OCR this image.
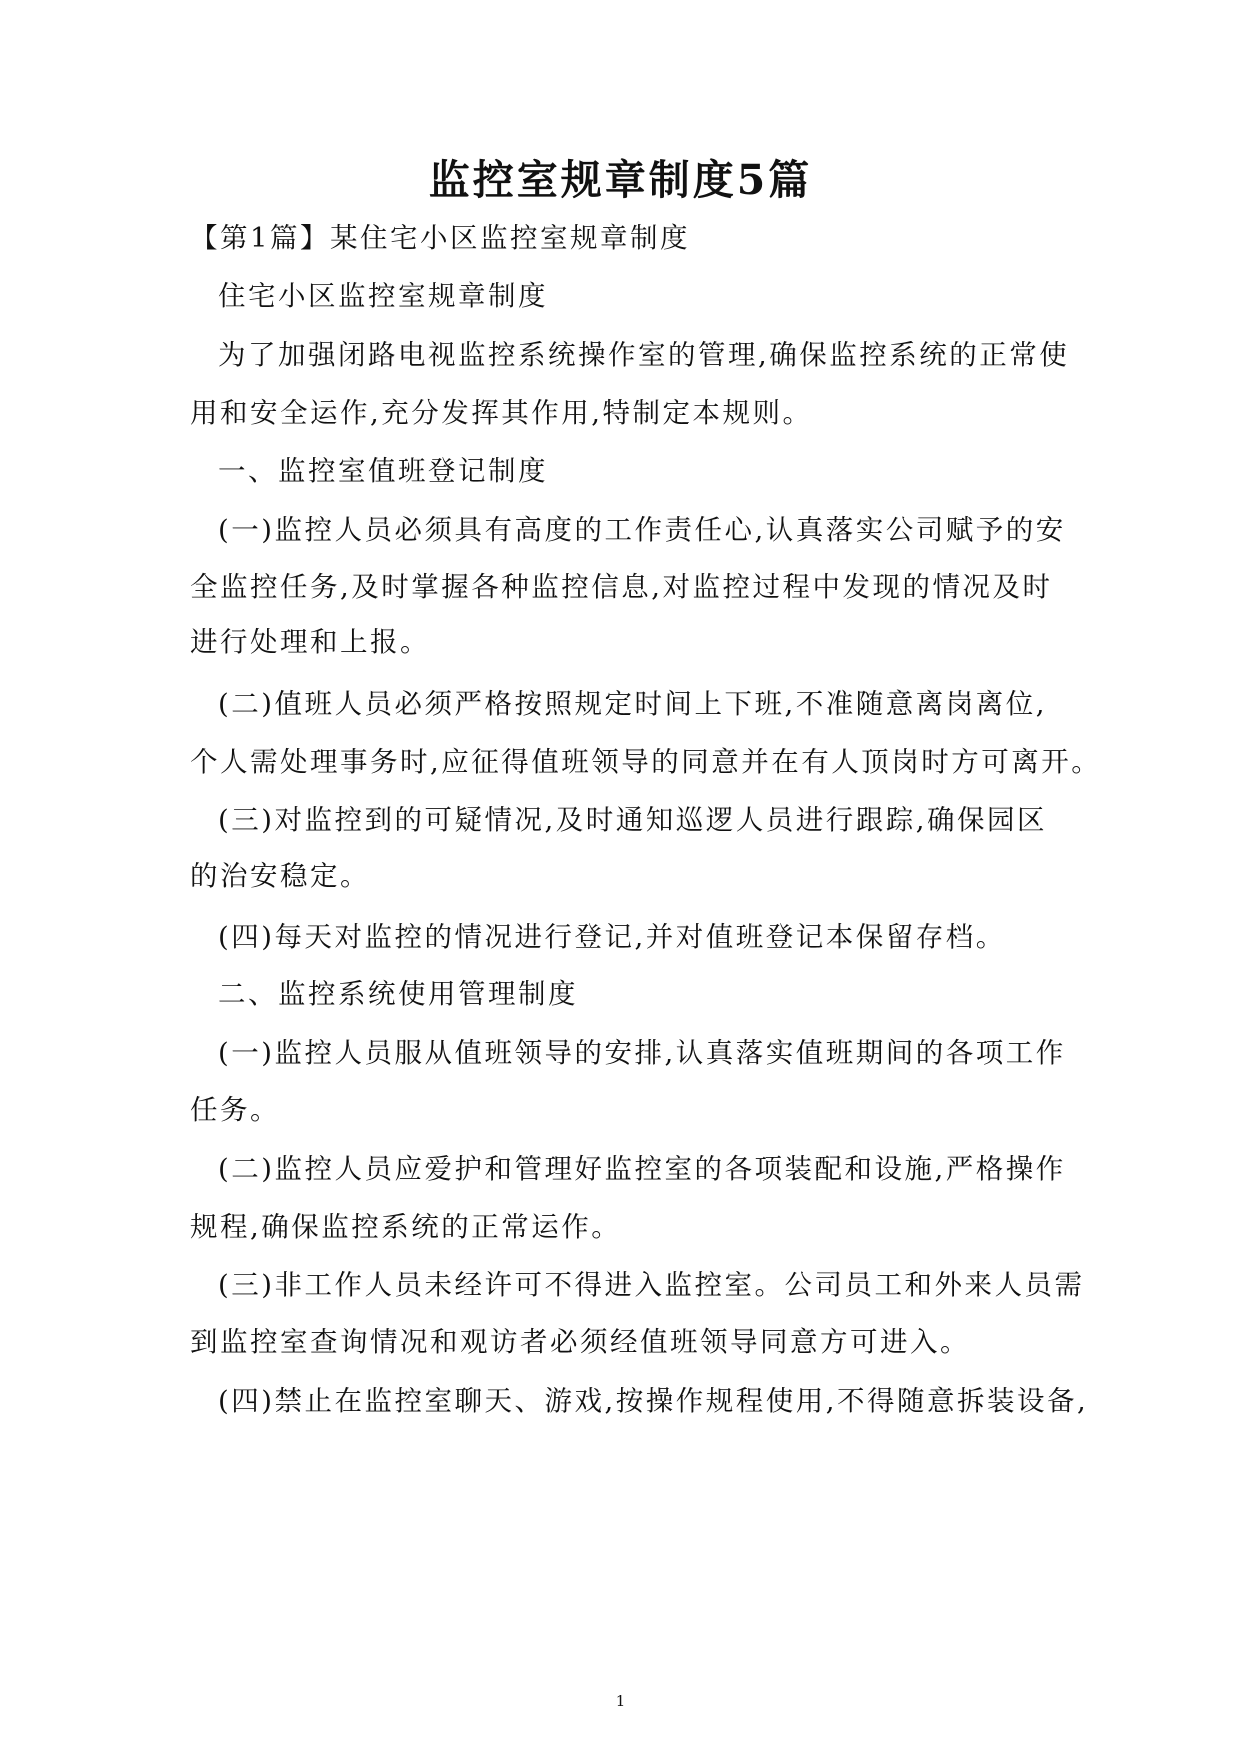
监控室规章制度5篇

【第1篇】某住宅小区监控室规章制度

住宅小区监控室规章制度

为了加强闭路电视监控系统操作室的管理,确保监控系统的正常使

用和安全运作,充分发挥其作用,特制定本规则。

一、监控室值班登记制度

(一)监控人员必须具有高度的工作责任心,认真落实公司赋予的安

全监控任务,及时掌握各种监控信息,对监控过程中发现的情况及时

进行处理和上报。

(二)值班人员必须严格按照规定时间上下班,不准随意离岗离位,

个人需处理事务时,应征得值班领导的同意并在有人顶岗时方可离开。

(三)对监控到的可疑情况,及时通知巡逻人员进行跟踪,确保园区

的治安稳定。

(四)每天对监控的情况进行登记,并对值班登记本保留存档。

二、监控系统使用管理制度

(一)监控人员服从值班领导的安排,认真落实值班期间的各项工作

任务。

(二)监控人员应爱护和管理好监控室的各项装配和设施,严格操作

规程,确保监控系统的正常运作。

(三)非工作人员未经许可不得进入监控室。公司员工和外来人员需

到监控室查询情况和观访者必须经值班领导同意方可进入。

(四)禁止在监控室聊天、游戏,按操作规程使用,不得随意拆装设备,

1
